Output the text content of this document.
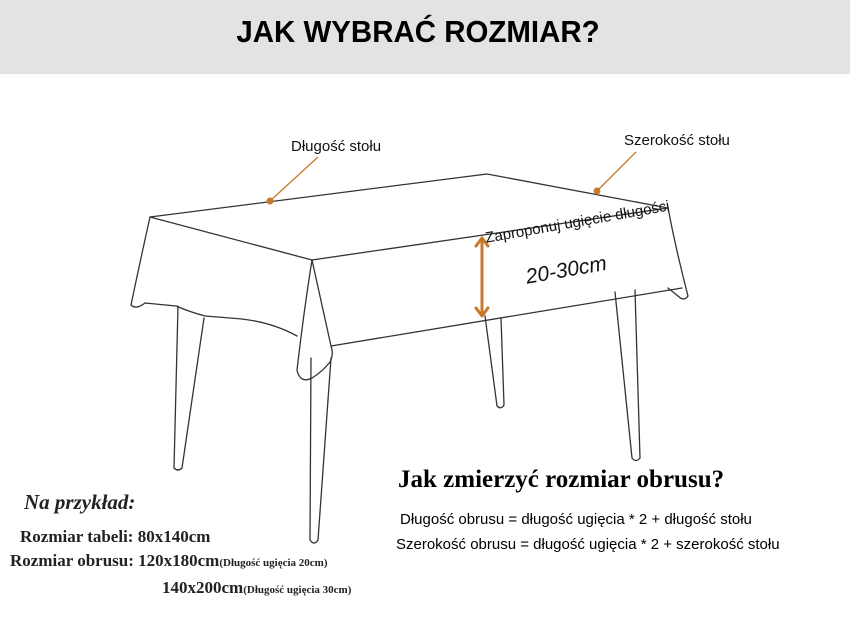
JAK WYBRAĆ ROZMIAR?
Długość stołu	Szerokość stołu
Zaproponuj ugięcie długości
20-30cm
Jak zmierzyć rozmiar obrusu?
Długość obrusu = długość ugięcia * 2 + długość stołu
Szerokość obrusu = długość ugięcia * 2 + szerokość stołu
Na przykład:
Rozmiar tabeli: 80x140cm
Rozmiar obrusu: 120x180cm(Długość ugięcia 20cm)
140x200cm(Długość ugięcia 30cm)
